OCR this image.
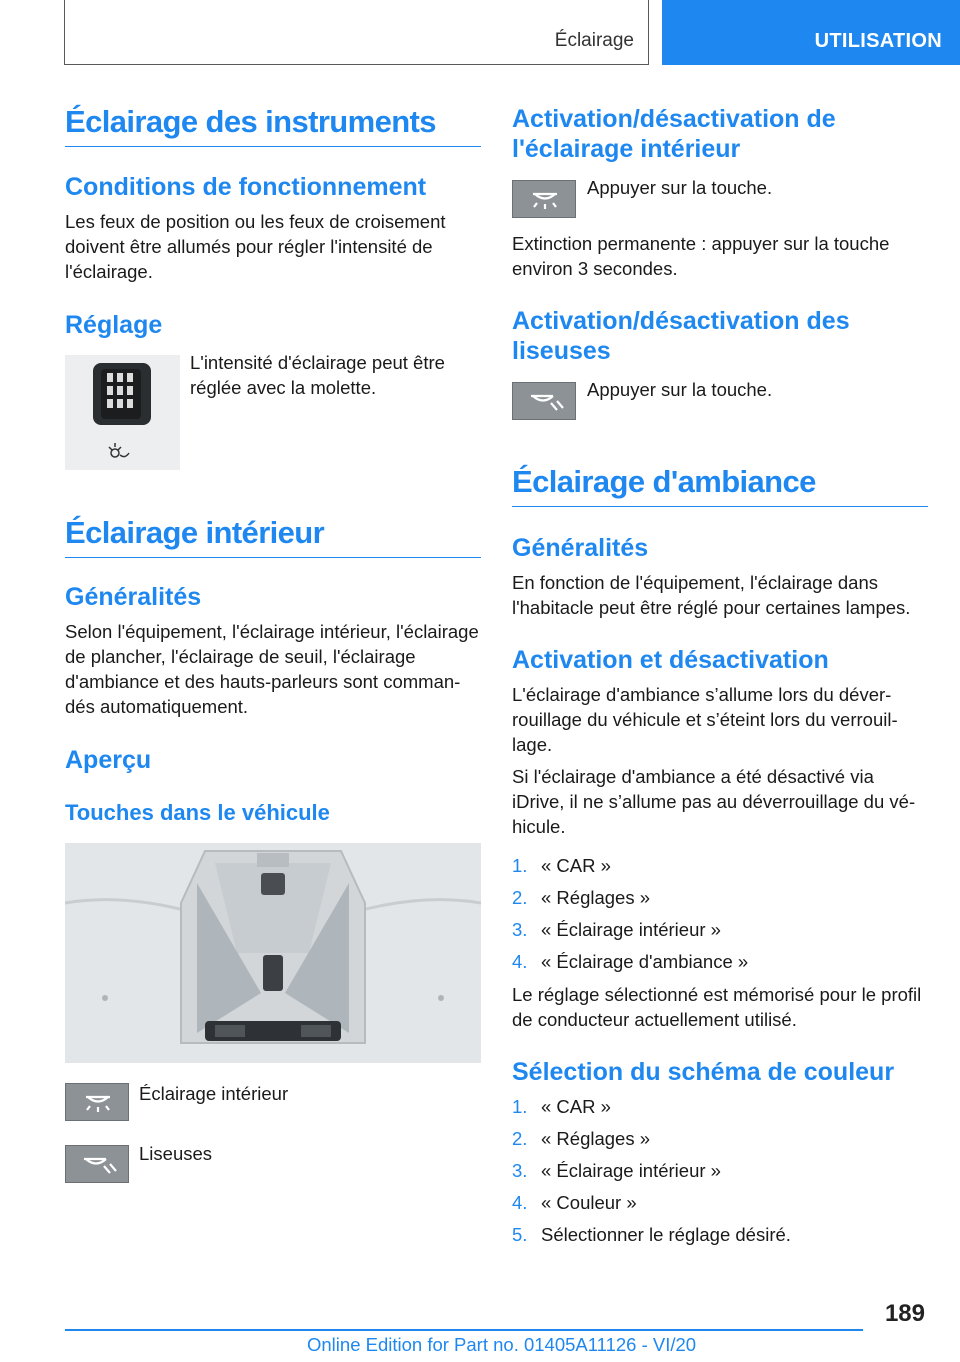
Éclairage	UTILISATION
Éclairage des instruments
Conditions de fonctionnement
Les feux de position ou les feux de croisement doivent être allumés pour régler l'intensité de l'éclairage.
Réglage
L'intensité d'éclairage peut être réglée avec la molette.
Éclairage intérieur
Généralités
Selon l'équipement, l'éclairage intérieur, l'éclairage de plancher, l'éclairage de seuil, l'éclairage d'ambiance et des hauts-parleurs sont commandés automatiquement.
Aperçu
Touches dans le véhicule
Éclairage intérieur
Liseuses
Activation/désactivation de l'éclairage intérieur
Appuyer sur la touche.
Extinction permanente : appuyer sur la touche environ 3 secondes.
Activation/désactivation des liseuses
Appuyer sur la touche.
Éclairage d'ambiance
Généralités
En fonction de l'équipement, l'éclairage dans l'habitacle peut être réglé pour certaines lampes.
Activation et désactivation
L'éclairage d'ambiance s’allume lors du déverrouillage du véhicule et s’éteint lors du verrouillage.
Si l'éclairage d'ambiance a été désactivé via iDrive, il ne s’allume pas au déverrouillage du véhicule.
1. « CAR »
2. « Réglages »
3. « Éclairage intérieur »
4. « Éclairage d'ambiance »
Le réglage sélectionné est mémorisé pour le profil de conducteur actuellement utilisé.
Sélection du schéma de couleur
1. « CAR »
2. « Réglages »
3. « Éclairage intérieur »
4. « Couleur »
5. Sélectionner le réglage désiré.
189
Online Edition for Part no. 01405A11126 - VI/20
